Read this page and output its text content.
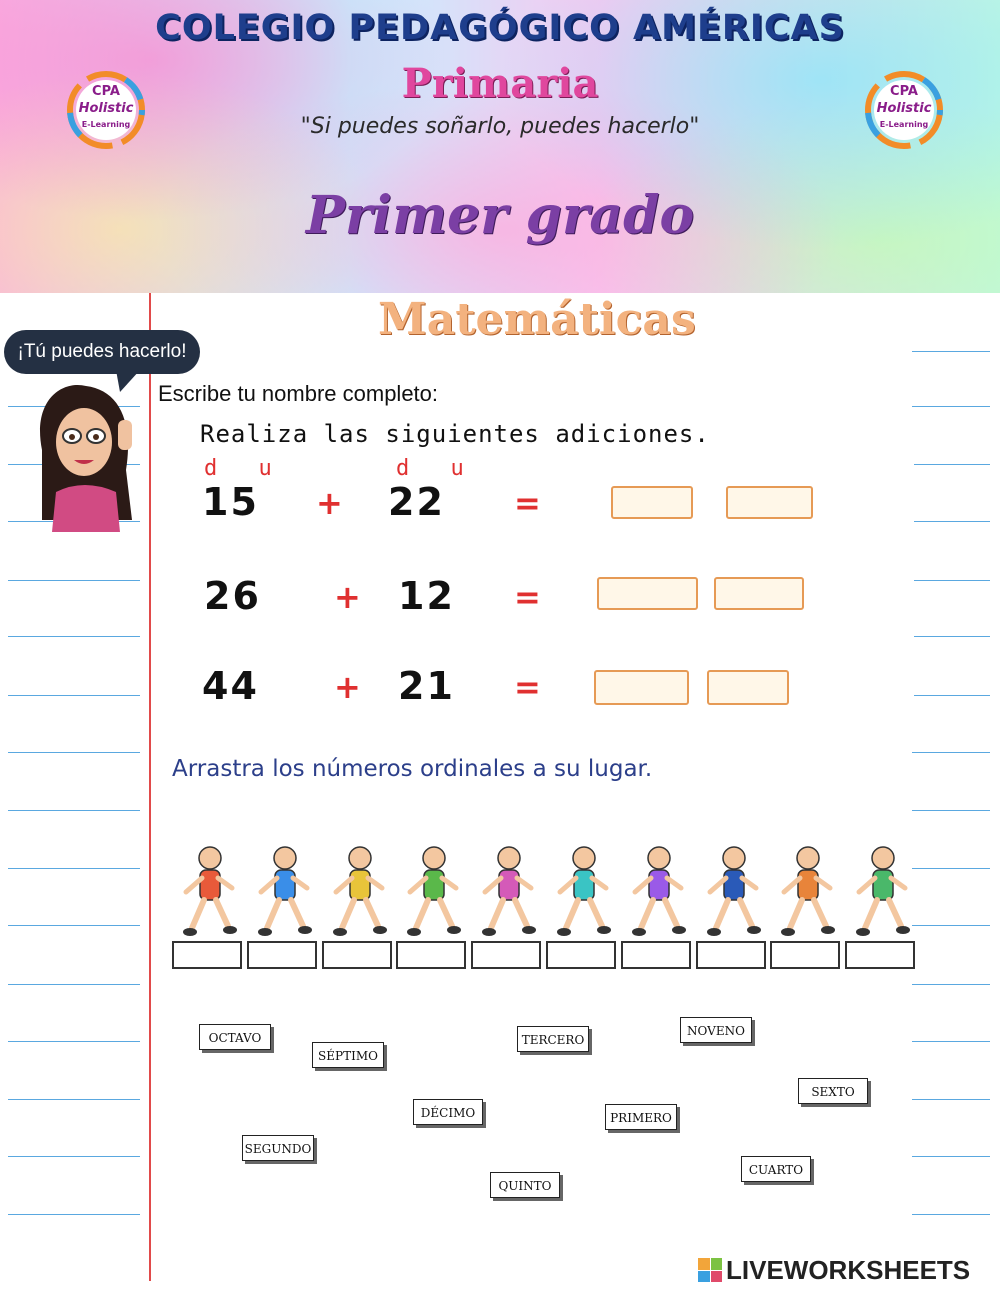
COLEGIO PEDAGÓGICO AMÉRICAS
Primaria
"Si puedes soñarlo, puedes hacerlo"
Primer grado
CPA
Holistic
E-Learning
CPA
Holistic
E-Learning
Matemáticas
¡Tú puedes hacerlo!
Escribe tu nombre completo:
Realiza las siguientes adiciones.
d u	d u
15 + 22 =
26 + 12 =
44 + 21 =
Arrastra los números ordinales a su lugar.
OCTAVO
SÉPTIMO
TERCERO
NOVENO
DÉCIMO	PRIMERO
SEXTO
SEGUNDO
QUINTO
CUARTO
LIVEWORKSHEETS
